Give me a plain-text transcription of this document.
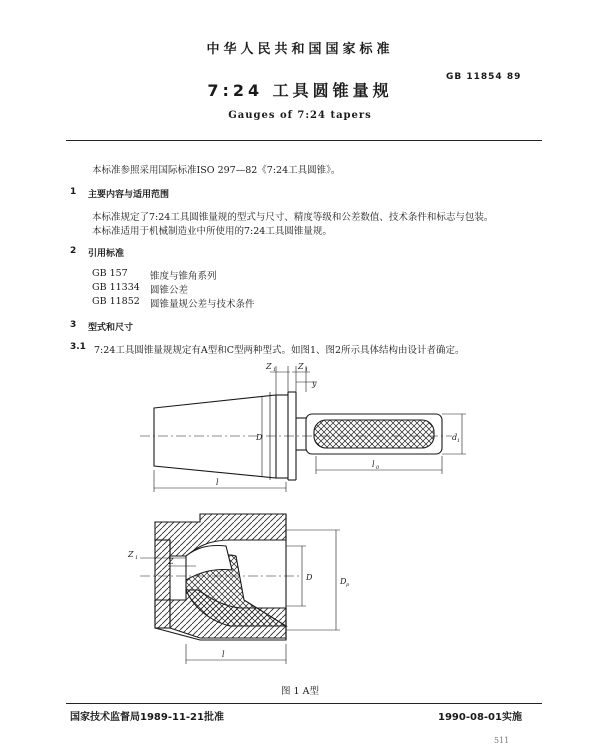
中华人民共和国国家标准
GB 11854 89
7:24 工具圆锥量规
Gauges of 7:24 tapers
本标准参照采用国际标准ISO 297—82《7:24工具圆锥》。
1 主要内容与适用范围
本标准规定了7:24工具圆锥量规的型式与尺寸、精度等级和公差数值、技术条件和标志与包装。
本标准适用于机械制造业中所使用的7:24工具圆锥量规。
2 引用标准
GB 157 锥度与锥角系列
GB 11334 圆锥公差
GB 11852 圆锥量规公差与技术条件
3 型式和尺寸
3.1 7:24工具圆锥量规规定有A型和C型两种型式。如图1、图2所示具体结构由设计者确定。
Z 1	Z 1
y
D	d 1
l
l 0
Z 1	Z
D	D p
l
图 1 A型
国家技术监督局1989-11-21批准	1990-08-01实施
511
